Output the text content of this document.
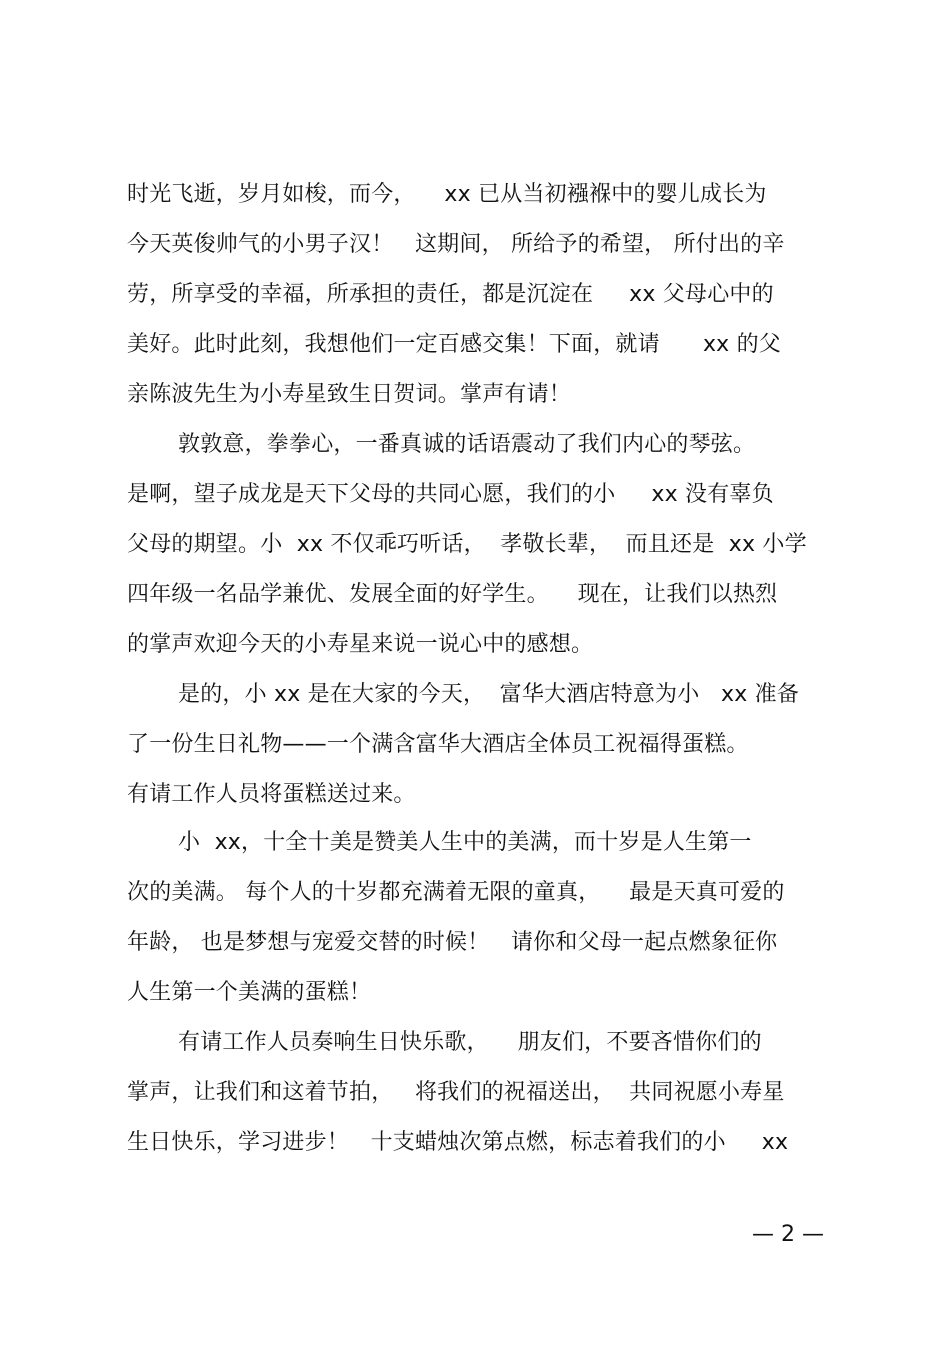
时光飞逝，岁月如梭，而今，    xx 已从当初襁褓中的婴儿成长为
今天英俊帅气的小男子汉！   这期间， 所给予的希望， 所付出的辛
劳，所享受的幸福，所承担的责任，都是沉淀在     xx 父母心中的
美好。此时此刻，我想他们一定百感交集！下面，就请      xx 的父
亲陈波先生为小寿星致生日贺词。掌声有请！
敦敦意，拳拳心，一番真诚的话语震动了我们内心的琴弦。
是啊，望子成龙是天下父母的共同心愿，我们的小     xx 没有辜负
父母的期望。小  xx 不仅乖巧听话，  孝敬长辈，  而且还是  xx 小学
四年级一名品学兼优、发展全面的好学生。    现在，让我们以热烈
的掌声欢迎今天的小寿星来说一说心中的感想。
是的，小 xx 是在大家的今天，  富华大酒店特意为小   xx 准备
了一份生日礼物——一个满含富华大酒店全体员工祝福得蛋糕。
有请工作人员将蛋糕送过来。
小  xx，十全十美是赞美人生中的美满，而十岁是人生第一
次的美满。 每个人的十岁都充满着无限的童真，    最是天真可爱的
年龄， 也是梦想与宠爱交替的时候！   请你和父母一起点燃象征你
人生第一个美满的蛋糕！
有请工作人员奏响生日快乐歌，    朋友们，不要吝惜你们的
掌声，让我们和这着节拍，   将我们的祝福送出，  共同祝愿小寿星
生日快乐，学习进步！   十支蜡烛次第点燃，标志着我们的小     xx
— 2 —
